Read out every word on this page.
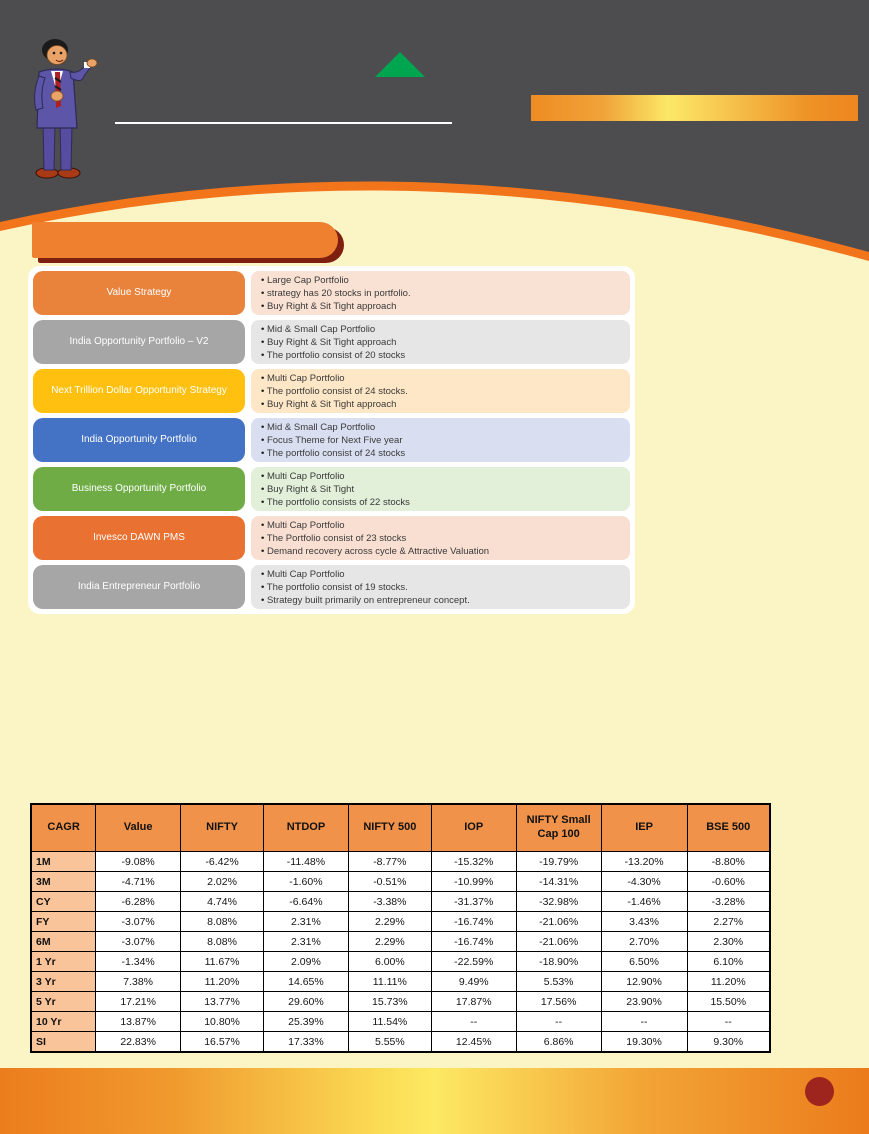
Value Strategy
• Large Cap Portfolio
• strategy has 20 stocks in portfolio.
• Buy Right & Sit Tight approach
India Opportunity Portfolio – V2
• Mid & Small Cap Portfolio
• Buy Right & Sit Tight approach
• The portfolio consist of 20 stocks
Next Trillion Dollar Opportunity Strategy
• Multi Cap Portfolio
• The portfolio consist of 24 stocks.
• Buy Right & Sit Tight approach
India Opportunity Portfolio
• Mid & Small Cap Portfolio
• Focus Theme for Next Five year
• The portfolio consist of 24 stocks
Business Opportunity Portfolio
• Multi Cap Portfolio
• Buy Right & Sit Tight
• The portfolio consists of 22 stocks
Invesco DAWN PMS
• Multi Cap Portfolio
• The Portfolio consist of 23 stocks
• Demand recovery across cycle & Attractive Valuation
India Entrepreneur Portfolio
• Multi Cap Portfolio
• The portfolio consist of 19 stocks.
• Strategy built primarily on entrepreneur concept.
CAGR	Value	NIFTY	NTDOP	NIFTY 500	IOP	NIFTY Small Cap 100	IEP	BSE 500
1M	-9.08%	-6.42%	-11.48%	-8.77%	-15.32%	-19.79%	-13.20%	-8.80%
3M	-4.71%	2.02%	-1.60%	-0.51%	-10.99%	-14.31%	-4.30%	-0.60%
CY	-6.28%	4.74%	-6.64%	-3.38%	-31.37%	-32.98%	-1.46%	-3.28%
FY	-3.07%	8.08%	2.31%	2.29%	-16.74%	-21.06%	3.43%	2.27%
6M	-3.07%	8.08%	2.31%	2.29%	-16.74%	-21.06%	2.70%	2.30%
1 Yr	-1.34%	11.67%	2.09%	6.00%	-22.59%	-18.90%	6.50%	6.10%
3 Yr	7.38%	11.20%	14.65%	11.11%	9.49%	5.53%	12.90%	11.20%
5 Yr	17.21%	13.77%	29.60%	15.73%	17.87%	17.56%	23.90%	15.50%
10 Yr	13.87%	10.80%	25.39%	11.54%	--	--	--	--
SI	22.83%	16.57%	17.33%	5.55%	12.45%	6.86%	19.30%	9.30%
